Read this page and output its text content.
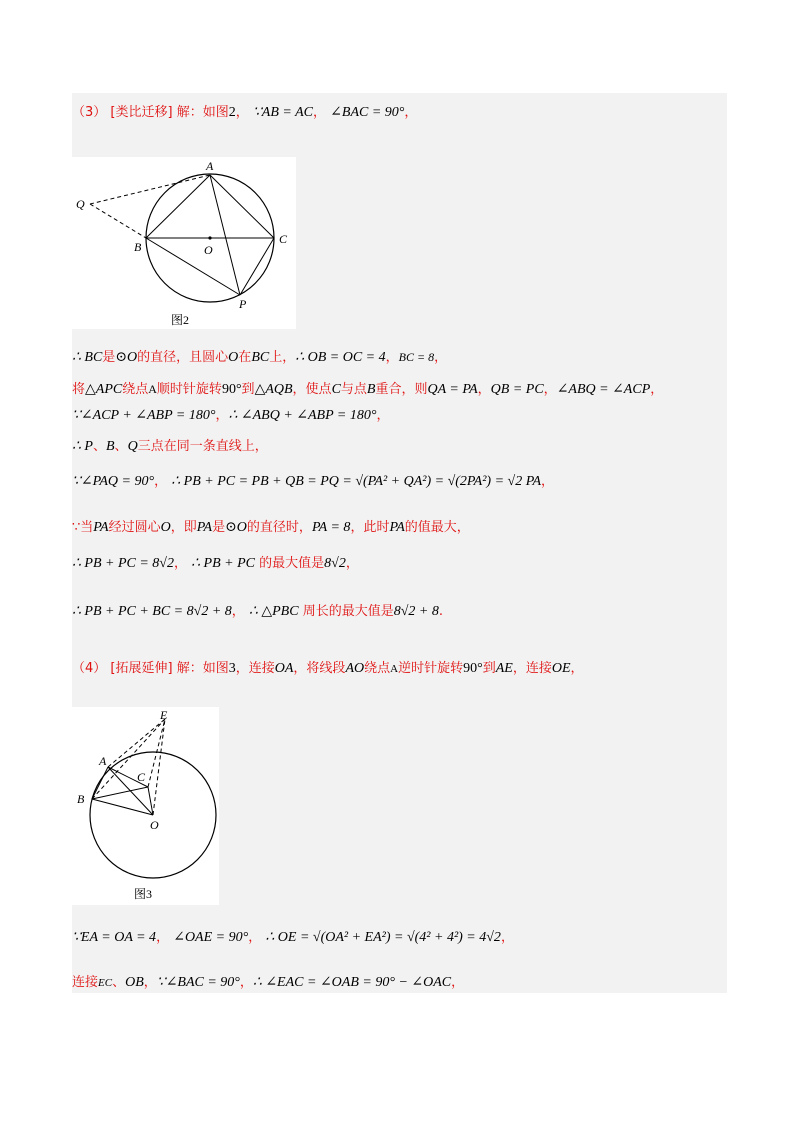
（3） [类比迁移] 解：如图2， ∵AB = AC， ∠BAC = 90°，
A
B
C
O
P
Q
图2
∴ BC是⊙O的直径，且圆心O在BC上，∴ OB = OC = 4，BC = 8，
将△APC绕点A顺时针旋转90°到△AQB，使点C与点B重合，则QA = PA，QB = PC，∠ABQ = ∠ACP，
∵∠ACP + ∠ABP = 180°，∴ ∠ABQ + ∠ABP = 180°，
∴ P、B、Q三点在同一条直线上，
∵∠PAQ = 90°， ∴ PB + PC = PB + QB = PQ = √(PA² + QA²) = √(2PA²) = √2 PA，
∵当PA经过圆心O，即PA是⊙O的直径时，PA = 8，此时PA的值最大，
∴ PB + PC = 8√2， ∴ PB + PC 的最大值是8√2，
∴ PB + PC + BC = 8√2 + 8， ∴ △PBC 周长的最大值是8√2 + 8.
（4） [拓展延伸] 解：如图3，连接OA，将线段AO绕点A逆时针旋转90°到AE，连接OE，
E
A
B
C
O
图3
∵EA = OA = 4， ∠OAE = 90°， ∴ OE = √(OA² + EA²) = √(4² + 4²) = 4√2，
连接EC、OB，∵∠BAC = 90°，∴ ∠EAC = ∠OAB = 90° − ∠OAC，
